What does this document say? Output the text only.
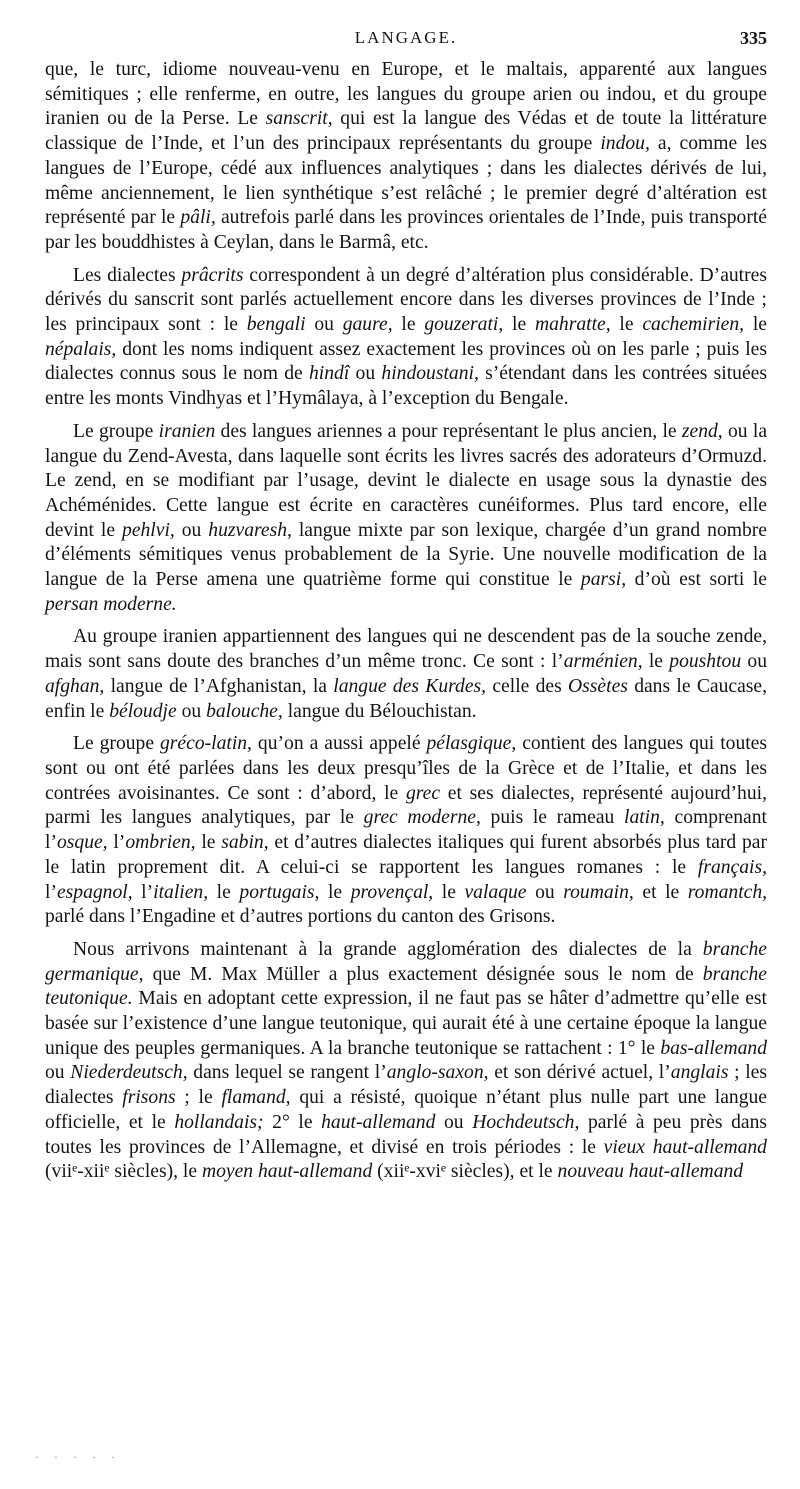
LANGAGE.	335

que, le turc, idiome nouveau-venu en Europe, et le maltais, apparenté aux langues sémitiques ; elle renferme, en outre, les langues du groupe arien ou indou, et du groupe iranien ou de la Perse. Le sanscrit, qui est la langue des Védas et de toute la littérature classique de l’Inde, et l’un des principaux représentants du groupe indou, a, comme les langues de l’Europe, cédé aux influences analytiques ; dans les dialectes dérivés de lui, même anciennement, le lien synthétique s’est relâché ; le premier degré d’altération est représenté par le pâli, autrefois parlé dans les provinces orientales de l’Inde, puis transporté par les bouddhistes à Ceylan, dans le Barmâ, etc.

Les dialectes prâcrits correspondent à un degré d’altération plus considérable. D’autres dérivés du sanscrit sont parlés actuellement encore dans les diverses provinces de l’Inde ; les principaux sont : le bengali ou gaure, le gouzerati, le mahratte, le cachemirien, le népalais, dont les noms indiquent assez exactement les provinces où on les parle ; puis les dialectes connus sous le nom de hindî ou hindoustani, s’étendant dans les contrées situées entre les monts Vindhyas et l’Hymâlaya, à l’exception du Bengale.

Le groupe iranien des langues ariennes a pour représentant le plus ancien, le zend, ou la langue du Zend-Avesta, dans laquelle sont écrits les livres sacrés des adorateurs d’Ormuzd. Le zend, en se modifiant par l’usage, devint le dialecte en usage sous la dynastie des Achéménides. Cette langue est écrite en caractères cunéiformes. Plus tard encore, elle devint le pehlvi, ou huzvaresh, langue mixte par son lexique, chargée d’un grand nombre d’éléments sémitiques venus probablement de la Syrie. Une nouvelle modification de la langue de la Perse amena une quatrième forme qui constitue le parsi, d’où est sorti le persan moderne.

Au groupe iranien appartiennent des langues qui ne descendent pas de la souche zende, mais sont sans doute des branches d’un même tronc. Ce sont : l’arménien, le poushtou ou afghan, langue de l’Afghanistan, la langue des Kurdes, celle des Ossètes dans le Caucase, enfin le béloudje ou balouche, langue du Bélouchistan.

Le groupe gréco-latin, qu’on a aussi appelé pélasgique, contient des langues qui toutes sont ou ont été parlées dans les deux presqu’îles de la Grèce et de l’Italie, et dans les contrées avoisinantes. Ce sont : d’abord, le grec et ses dialectes, représenté aujourd’hui, parmi les langues analytiques, par le grec moderne, puis le rameau latin, comprenant l’osque, l’ombrien, le sabin, et d’autres dialectes italiques qui furent absorbés plus tard par le latin proprement dit. A celui-ci se rapportent les langues romanes : le français, l’espagnol, l’italien, le portugais, le provençal, le valaque ou roumain, et le romantch, parlé dans l’Engadine et d’autres portions du canton des Grisons.

Nous arrivons maintenant à la grande agglomération des dialectes de la branche germanique, que M. Max Müller a plus exactement désignée sous le nom de branche teutonique. Mais en adoptant cette expression, il ne faut pas se hâter d’admettre qu’elle est basée sur l’existence d’une langue teutonique, qui aurait été à une certaine époque la langue unique des peuples germaniques. A la branche teutonique se rattachent : 1° le bas-allemand ou Niederdeutsch, dans lequel se rangent l’anglo-saxon, et son dérivé actuel, l’anglais ; les dialectes frisons ; le flamand, qui a résisté, quoique n’étant plus nulle part une langue officielle, et le hollandais; 2° le haut-allemand ou Hochdeutsch, parlé à peu près dans toutes les provinces de l’Allemagne, et divisé en trois périodes : le vieux haut-allemand (viiᵉ-xiiᵉ siècles), le moyen haut-allemand (xiiᵉ-xviᵉ siècles), et le nouveau haut-allemand

· · · · ·
